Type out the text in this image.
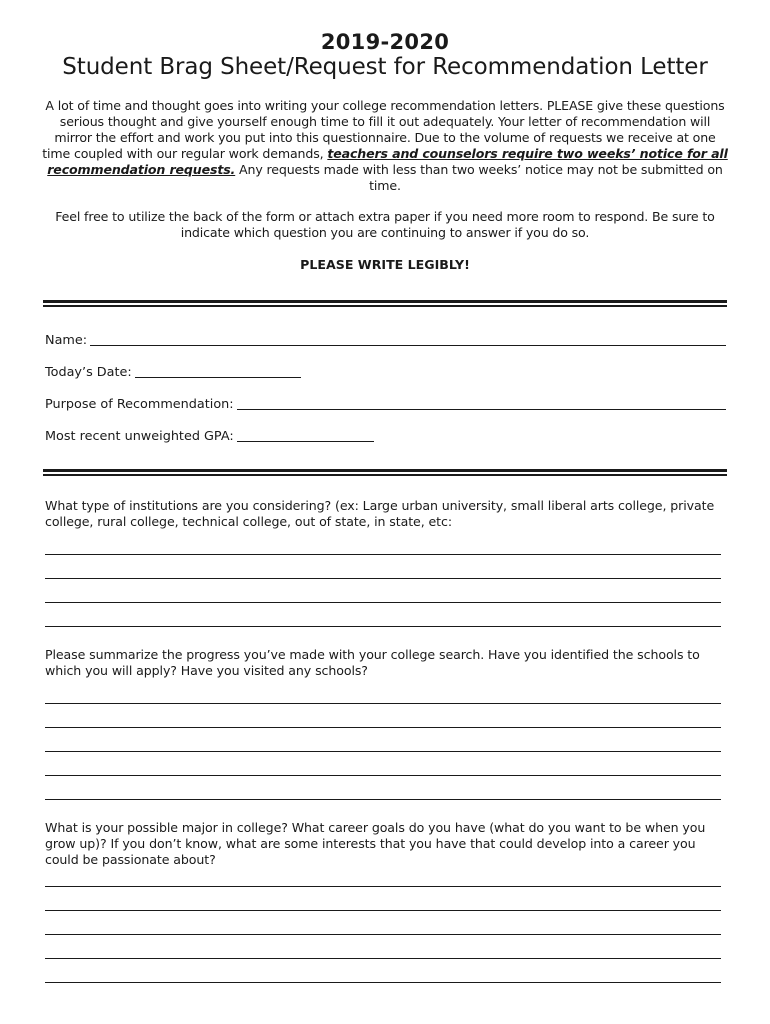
2019-2020
Student Brag Sheet/Request for Recommendation Letter
A lot of time and thought goes into writing your college recommendation letters. PLEASE give these questions serious thought and give yourself enough time to fill it out adequately. Your letter of recommendation will mirror the effort and work you put into this questionnaire. Due to the volume of requests we receive at one time coupled with our regular work demands, teachers and counselors require two weeks’ notice for all recommendation requests. Any requests made with less than two weeks’ notice may not be submitted on time.
Feel free to utilize the back of the form or attach extra paper if you need more room to respond. Be sure to indicate which question you are continuing to answer if you do so.
PLEASE WRITE LEGIBLY!
Name:
Today’s Date:
Purpose of Recommendation:
Most recent unweighted GPA:
What type of institutions are you considering? (ex: Large urban university, small liberal arts college, private college, rural college, technical college, out of state, in state, etc:
Please summarize the progress you’ve made with your college search. Have you identified the schools to which you will apply? Have you visited any schools?
What is your possible major in college? What career goals do you have (what do you want to be when you grow up)? If you don’t know, what are some interests that you have that could develop into a career you could be passionate about?
